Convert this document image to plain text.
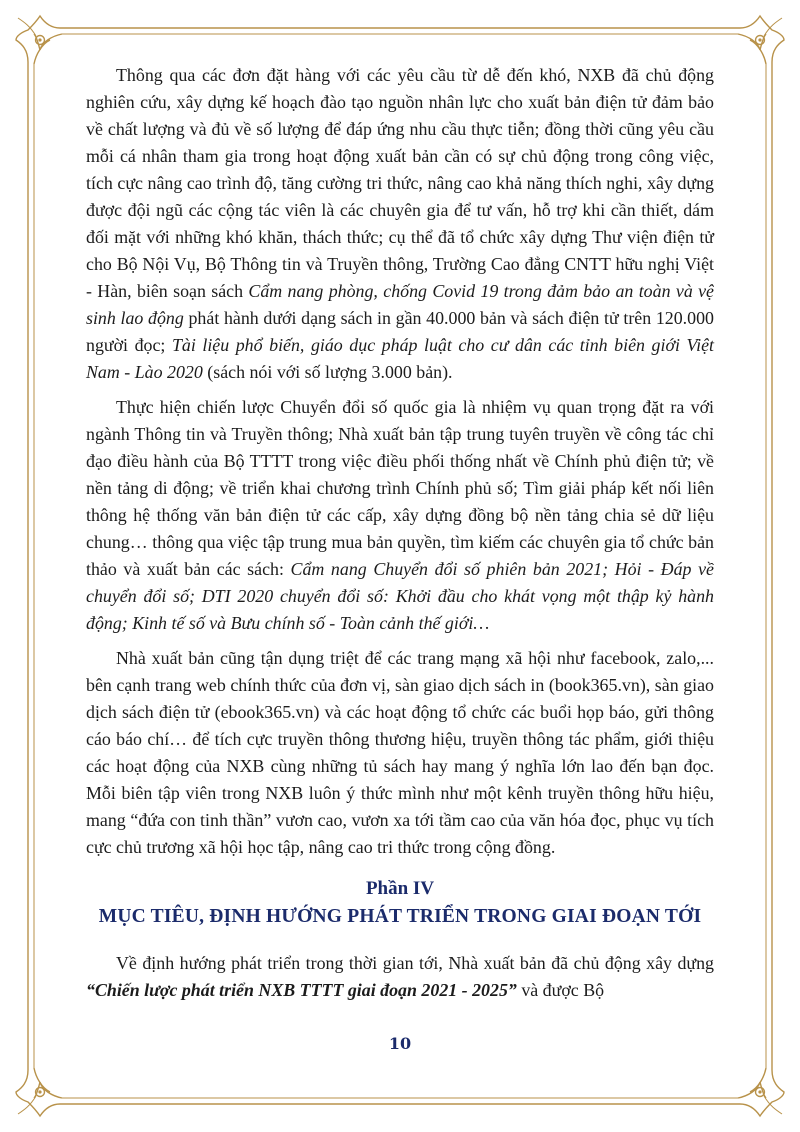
Thông qua các đơn đặt hàng với các yêu cầu từ dễ đến khó, NXB đã chủ động nghiên cứu, xây dựng kế hoạch đào tạo nguồn nhân lực cho xuất bản điện tử đảm bảo về chất lượng và đủ về số lượng để đáp ứng nhu cầu thực tiễn; đồng thời cũng yêu cầu mỗi cá nhân tham gia trong hoạt động xuất bản cần có sự chủ động trong công việc, tích cực nâng cao trình độ, tăng cường tri thức, nâng cao khả năng thích nghi, xây dựng được đội ngũ các cộng tác viên là các chuyên gia để tư vấn, hỗ trợ khi cần thiết, dám đối mặt với những khó khăn, thách thức; cụ thể đã tổ chức xây dựng Thư viện điện tử cho Bộ Nội Vụ, Bộ Thông tin và Truyền thông, Trường Cao đẳng CNTT hữu nghị Việt - Hàn, biên soạn sách Cẩm nang phòng, chống Covid 19 trong đảm bảo an toàn và vệ sinh lao động phát hành dưới dạng sách in gần 40.000 bản và sách điện tử trên 120.000 người đọc; Tài liệu phổ biến, giáo dục pháp luật cho cư dân các tỉnh biên giới Việt Nam - Lào 2020 (sách nói với số lượng 3.000 bản).

Thực hiện chiến lược Chuyển đổi số quốc gia là nhiệm vụ quan trọng đặt ra với ngành Thông tin và Truyền thông; Nhà xuất bản tập trung tuyên truyền về công tác chỉ đạo điều hành của Bộ TTTT trong việc điều phối thống nhất về Chính phủ điện tử; về nền tảng di động; về triển khai chương trình Chính phủ số; Tìm giải pháp kết nối liên thông hệ thống văn bản điện tử các cấp, xây dựng đồng bộ nền tảng chia sẻ dữ liệu chung… thông qua việc tập trung mua bản quyền, tìm kiếm các chuyên gia tổ chức bản thảo và xuất bản các sách: Cẩm nang Chuyển đổi số phiên bản 2021; Hỏi - Đáp về chuyển đổi số; DTI 2020 chuyển đổi số: Khởi đầu cho khát vọng một thập kỷ hành động; Kinh tế số và Bưu chính số - Toàn cảnh thế giới…

Nhà xuất bản cũng tận dụng triệt để các trang mạng xã hội như facebook, zalo,... bên cạnh trang web chính thức của đơn vị, sàn giao dịch sách in (book365.vn), sàn giao dịch sách điện tử (ebook365.vn) và các hoạt động tổ chức các buổi họp báo, gửi thông cáo báo chí… để tích cực truyền thông thương hiệu, truyền thông tác phẩm, giới thiệu các hoạt động của NXB cùng những tủ sách hay mang ý nghĩa lớn lao đến bạn đọc. Mỗi biên tập viên trong NXB luôn ý thức mình như một kênh truyền thông hữu hiệu, mang “đứa con tinh thần” vươn cao, vươn xa tới tầm cao của văn hóa đọc, phục vụ tích cực chủ trương xã hội học tập, nâng cao tri thức trong cộng đồng.

Phần IV

MỤC TIÊU, ĐỊNH HƯỚNG PHÁT TRIỂN TRONG GIAI ĐOẠN TỚI

Về định hướng phát triển trong thời gian tới, Nhà xuất bản đã chủ động xây dựng “Chiến lược phát triển NXB TTTT giai đoạn 2021 - 2025” và được Bộ

10
